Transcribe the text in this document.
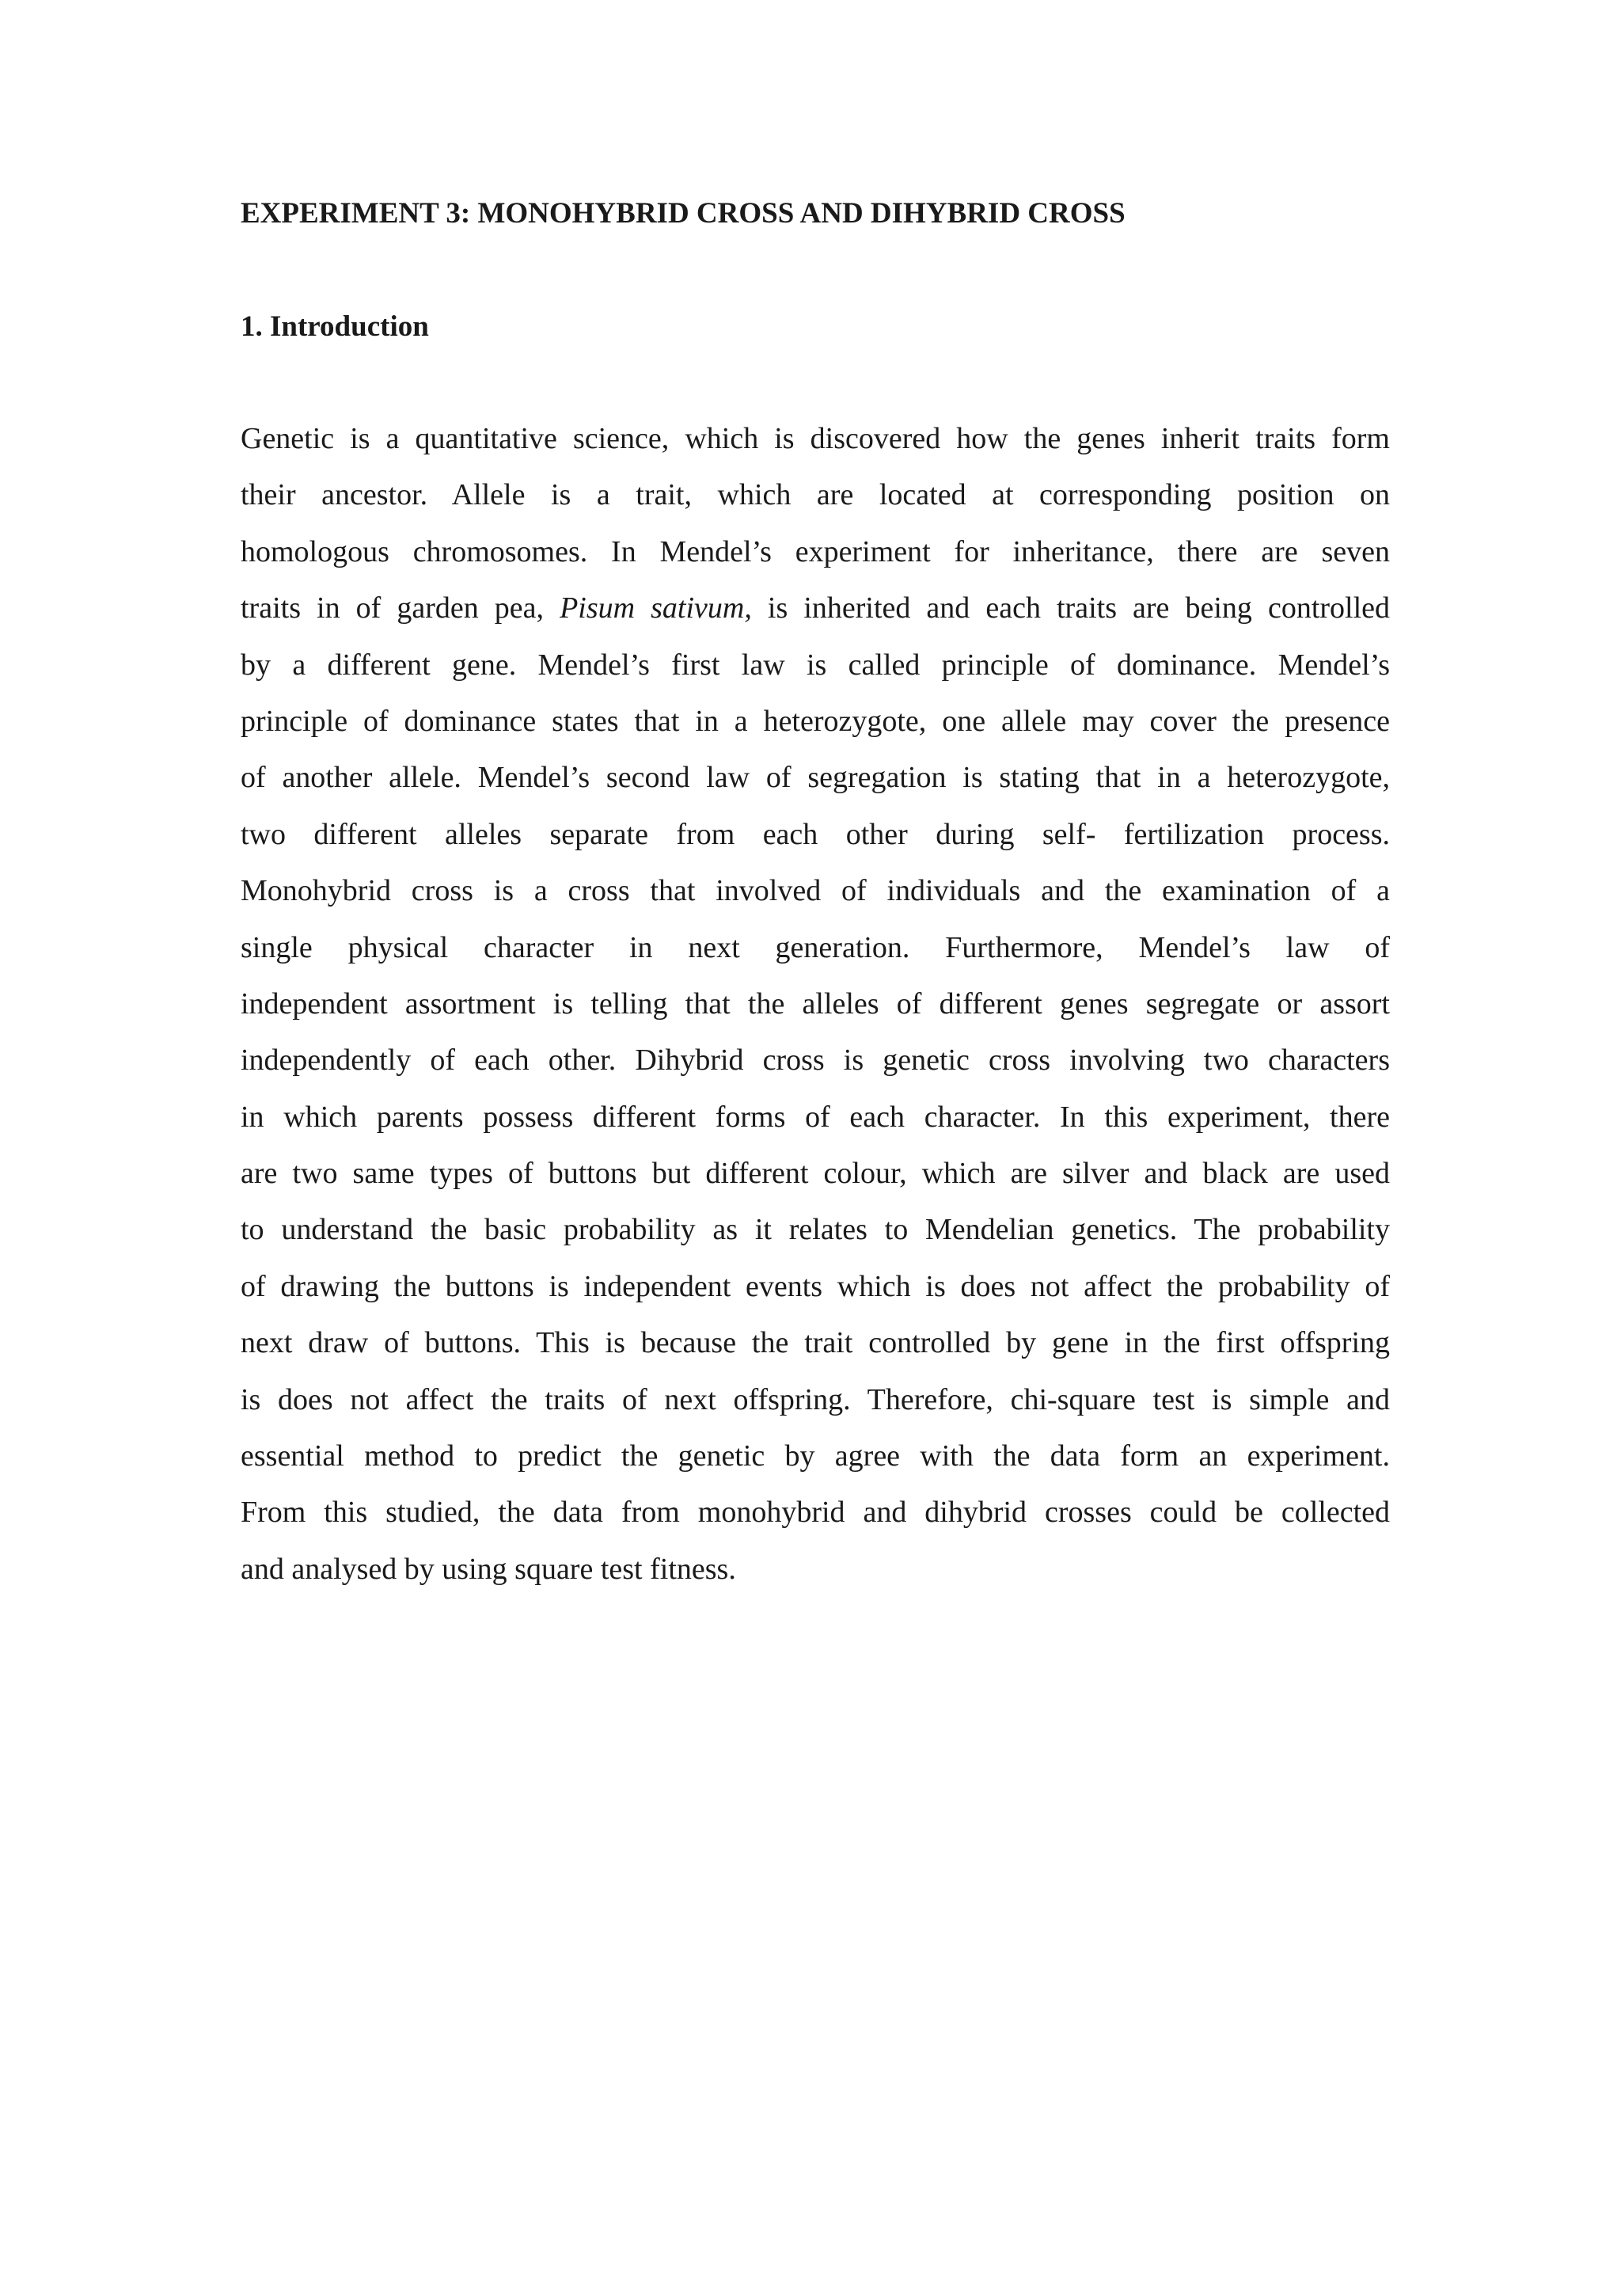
EXPERIMENT 3: MONOHYBRID CROSS AND DIHYBRID CROSS
1. Introduction
Genetic is a quantitative science, which is discovered how the genes inherit traits form
their ancestor. Allele is a trait, which are located at corresponding position on
homologous chromosomes. In Mendel’s experiment for inheritance, there are seven
traits in of garden pea, Pisum sativum, is inherited and each traits are being controlled
by a different gene. Mendel’s first law is called principle of dominance. Mendel’s
principle of dominance states that in a heterozygote, one allele may cover the presence
of another allele. Mendel’s second law of segregation is stating that in a heterozygote,
two different alleles separate from each other during self- fertilization process.
Monohybrid cross is a cross that involved of individuals and the examination of a
single physical character in next generation. Furthermore, Mendel’s law of
independent assortment is telling that the alleles of different genes segregate or assort
independently of each other. Dihybrid cross is genetic cross involving two characters
in which parents possess different forms of each character. In this experiment, there
are two same types of buttons but different colour, which are silver and black are used
to understand the basic probability as it relates to Mendelian genetics. The probability
of drawing the buttons is independent events which is does not affect the probability of
next draw of buttons. This is because the trait controlled by gene in the first offspring
is does not affect the traits of next offspring. Therefore, chi-square test is simple and
essential method to predict the genetic by agree with the data form an experiment.
From this studied, the data from monohybrid and dihybrid crosses could be collected
and analysed by using square test fitness.
